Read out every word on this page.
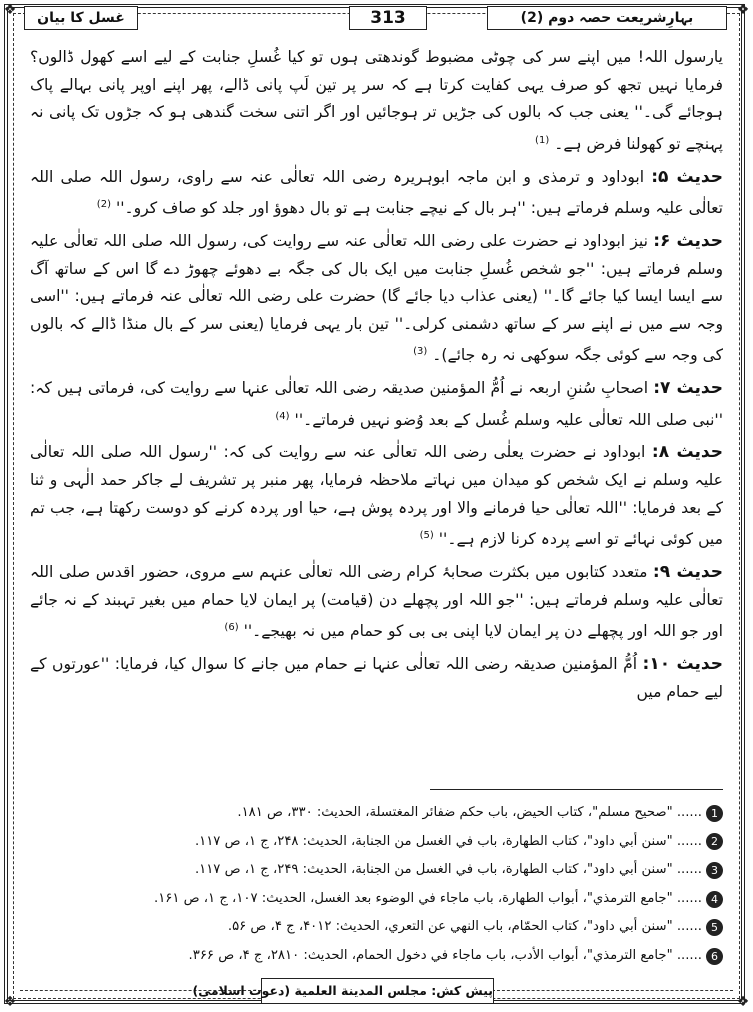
❖	❖
❖	❖
بہارِشریعت حصہ دوم (2)
313
غسل کا بیان

یارسول اللہ! میں اپنے سر کی چوٹی مضبوط گوندھتی ہوں تو کیا غُسلِ جنابت کے لیے اسے کھول ڈالوں؟ فرمایا نہیں تجھ کو صرف یہی کفایت کرتا ہے کہ سر پر تین لَپ پانی ڈالے، پھر اپنے اوپر پانی بہالے پاک ہوجائے گی۔'' یعنی جب کہ بالوں کی جڑیں تر ہوجائیں اور اگر اتنی سخت گندھی ہو کہ جڑوں تک پانی نہ پہنچے تو کھولنا فرض ہے۔ $^{(1)}$

حدیث ۵: ابوداود و ترمذی و ابن ماجہ ابوہریرہ رضی اللہ تعالٰی عنہ سے راوی، رسول اللہ صلی اللہ تعالٰی علیہ وسلم فرماتے ہیں: ''ہر بال کے نیچے جنابت ہے تو بال دھوؤ اور جلد کو صاف کرو۔'' $^{(2)}$

حدیث ۶: نیز ابوداود نے حضرت علی رضی اللہ تعالٰی عنہ سے روایت کی، رسول اللہ صلی اللہ تعالٰی علیہ وسلم فرماتے ہیں: ''جو شخص غُسلِ جنابت میں ایک بال کی جگہ بے دھوئے چھوڑ دے گا اس کے ساتھ آگ سے ایسا ایسا کیا جائے گا۔'' (یعنی عذاب دیا جائے گا) حضرت علی رضی اللہ تعالٰی عنہ فرماتے ہیں: ''اسی وجہ سے میں نے اپنے سر کے ساتھ دشمنی کرلی۔'' تین بار یہی فرمایا (یعنی سر کے بال منڈا ڈالے کہ بالوں کی وجہ سے کوئی جگہ سوکھی نہ رہ جائے)۔ $^{(3)}$

حدیث ۷: اصحابِ سُننِ اربعہ نے اُمُّ المؤمنین صدیقہ رضی اللہ تعالٰی عنہا سے روایت کی، فرماتی ہیں کہ: ''نبی صلی اللہ تعالٰی علیہ وسلم غُسل کے بعد وُضو نہیں فرماتے۔'' $^{(4)}$

حدیث ۸: ابوداود نے حضرت یعلٰی رضی اللہ تعالٰی عنہ سے روایت کی کہ: ''رسول اللہ صلی اللہ تعالٰی علیہ وسلم نے ایک شخص کو میدان میں نہاتے ملاحظہ فرمایا، پھر منبر پر تشریف لے جاکر حمد الٰہی و ثنا کے بعد فرمایا: ''اللہ تعالٰی حیا فرمانے والا اور پردہ پوش ہے، حیا اور پردہ کرنے کو دوست رکھتا ہے، جب تم میں کوئی نہائے تو اسے پردہ کرنا لازم ہے۔'' $^{(5)}$

حدیث ۹: متعدد کتابوں میں بکثرت صحابۂ کرام رضی اللہ تعالٰی عنہم سے مروی، حضور اقدس صلی اللہ تعالٰی علیہ وسلم فرماتے ہیں: ''جو اللہ اور پچھلے دن (قیامت) پر ایمان لایا حمام میں بغیر تہبند کے نہ جائے اور جو اللہ اور پچھلے دن پر ایمان لایا اپنی بی بی کو حمام میں نہ بھیجے۔'' $^{(6)}$

حدیث ۱۰: اُمُّ المؤمنین صدیقہ رضی اللہ تعالٰی عنہا نے حمام میں جانے کا سوال کیا، فرمایا: ''عورتوں کے لیے حمام میں

1
...... "صحیح مسلم"، کتاب الحیض، باب حکم ضفائر المغتسلة، الحدیث: ۳۳۰، ص ۱۸۱.
2
...... "سنن أبي داود"، کتاب الطھارة، باب في الغسل من الجنابة، الحدیث: ۲۴۸، ج ۱، ص ۱۱۷.
3
...... "سنن أبي داود"، کتاب الطھارة، باب في الغسل من الجنابة، الحدیث: ۲۴۹، ج ۱، ص ۱۱۷.
4
...... "جامع الترمذي"، أبواب الطھارة، باب ماجاء في الوضوء بعد الغسل، الحدیث: ۱۰۷، ج ۱، ص ۱۶۱.
5
...... "سنن أبي داود"، کتاب الحمّام، باب النھي عن التعري، الحدیث: ۴۰۱۲، ج ۴، ص ۵۶.
6
...... "جامع الترمذي"، أبواب الأدب، باب ماجاء في دخول الحمام، الحدیث: ۲۸۱۰، ج ۴، ص ۳۶۶.
پیش کش: مجلس المدینة العلمیة (دعوت اسلامی)
